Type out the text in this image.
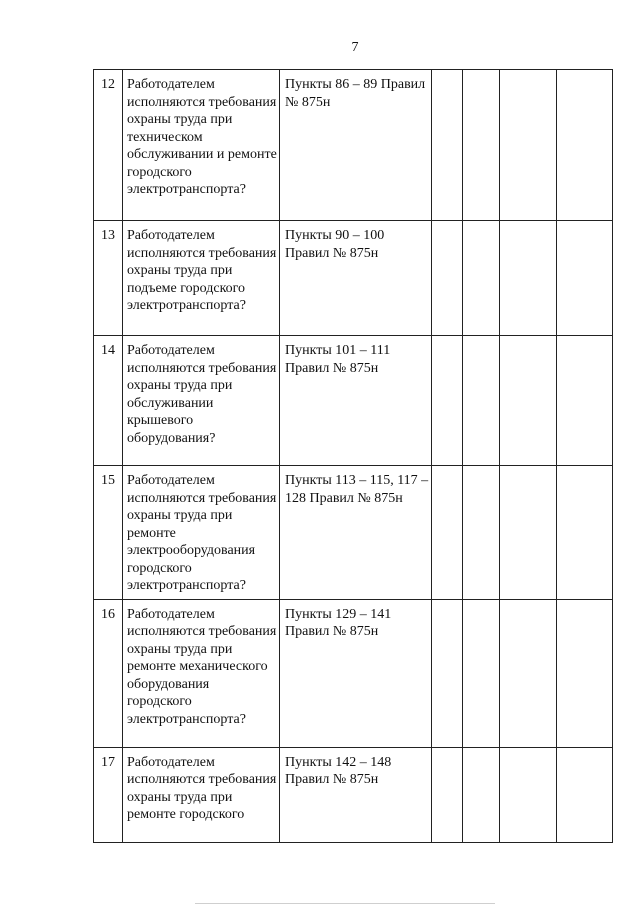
7
12	Работодателем исполняются требования охраны труда при техническом обслуживании и ремонте городского электротранспорта?	Пункты 86 – 89 Правил № 875н				
13	Работодателем исполняются требования охраны труда при подъеме городского электротранспорта?	Пункты 90 – 100 Правил № 875н				
14	Работодателем исполняются требования охраны труда при обслуживании крышевого оборудования?	Пункты 101 – 111 Правил № 875н				
15	Работодателем исполняются требования охраны труда при ремонте электрооборудования городского электротранспорта?	Пункты 113 – 115, 117 – 128 Правил № 875н				
16	Работодателем исполняются требования охраны труда при ремонте механического оборудования городского электротранспорта?	Пункты 129 – 141 Правил № 875н				
17	Работодателем исполняются требования охраны труда при ремонте городского	Пункты 142 – 148 Правил № 875н				
